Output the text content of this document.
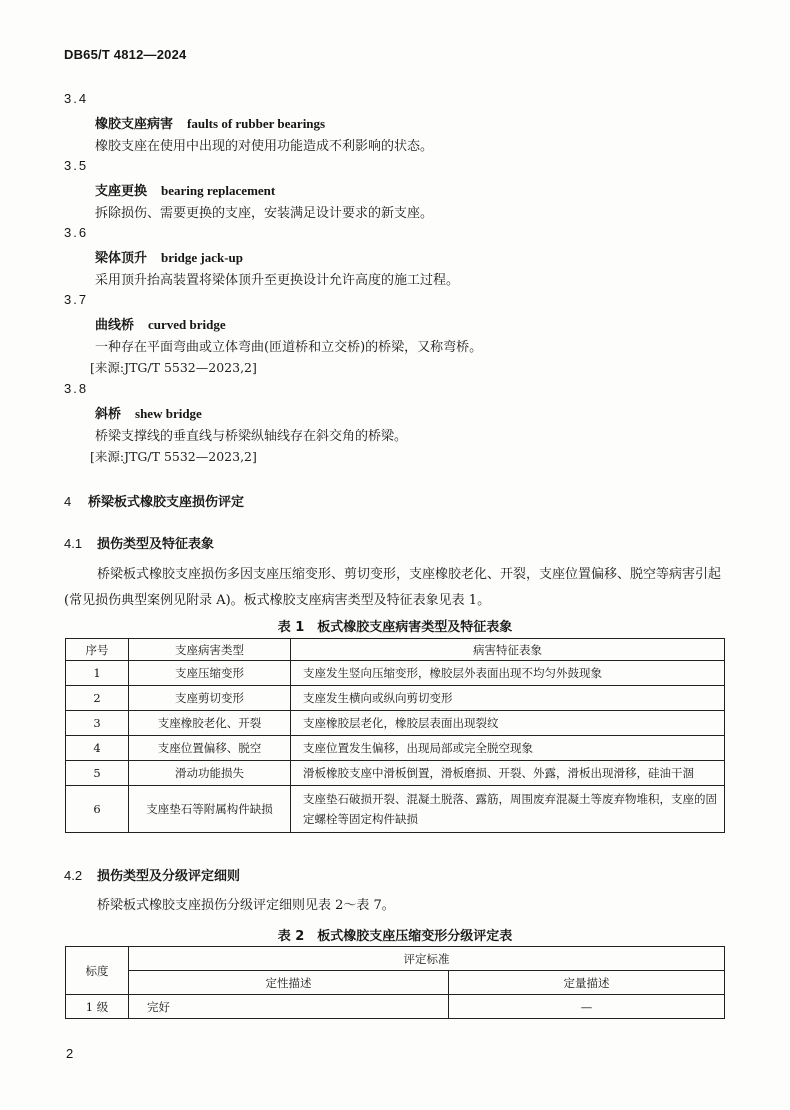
DB65/T 4812—2024
3.4
橡胶支座病害 faults of rubber bearings
橡胶支座在使用中出现的对使用功能造成不利影响的状态。
3.5
支座更换 bearing replacement
拆除损伤、需要更换的支座，安装满足设计要求的新支座。
3.6
梁体顶升 bridge jack-up
采用顶升抬高装置将梁体顶升至更换设计允许高度的施工过程。
3.7
曲线桥 curved bridge
一种存在平面弯曲或立体弯曲(匝道桥和立交桥)的桥梁，又称弯桥。
[来源:JTG/T 5532—2023,2]
3.8
斜桥 shew bridge
桥梁支撑线的垂直线与桥梁纵轴线存在斜交角的桥梁。
[来源:JTG/T 5532—2023,2]
4 桥梁板式橡胶支座损伤评定
4.1 损伤类型及特征表象
桥梁板式橡胶支座损伤多因支座压缩变形、剪切变形，支座橡胶老化、开裂，支座位置偏移、脱空等病害引起(常见损伤典型案例见附录 A)。板式橡胶支座病害类型及特征表象见表 1。
表 1　板式橡胶支座病害类型及特征表象
序号	支座病害类型	病害特征表象
1	支座压缩变形	支座发生竖向压缩变形，橡胶层外表面出现不均匀外鼓现象
2	支座剪切变形	支座发生横向或纵向剪切变形
3	支座橡胶老化、开裂	支座橡胶层老化，橡胶层表面出现裂纹
4	支座位置偏移、脱空	支座位置发生偏移，出现局部或完全脱空现象
5	滑动功能损失	滑板橡胶支座中滑板倒置，滑板磨损、开裂、外露，滑板出现滑移，硅油干涸
6	支座垫石等附属构件缺损	支座垫石破损开裂、混凝土脱落、露筋，周围废弃混凝土等废弃物堆积，支座的固定螺栓等固定构件缺损
4.2 损伤类型及分级评定细则
桥梁板式橡胶支座损伤分级评定细则见表 2～表 7。
表 2　板式橡胶支座压缩变形分级评定表
标度	评定标准	
	定性描述	定量描述
1 级	完好	—
2
